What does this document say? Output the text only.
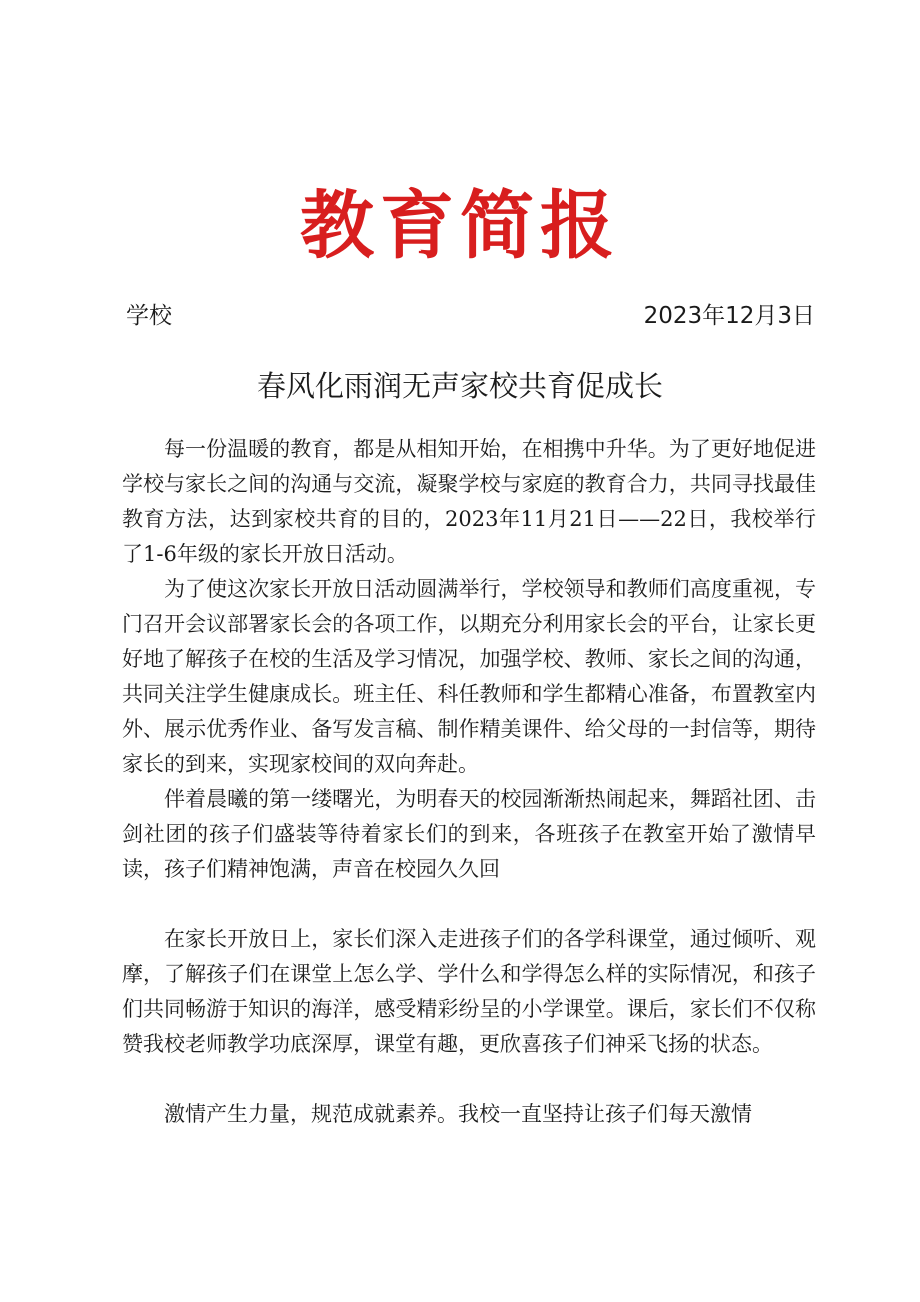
教育简报
学校	2023年12月3日
春风化雨润无声家校共育促成长

每一份温暖的教育，都是从相知开始，在相携中升华。为了更好地促进学校与家长之间的沟通与交流，凝聚学校与家庭的教育合力，共同寻找最佳教育方法，达到家校共育的目的，2023年11月21日——22日，我校举行了1-6年级的家长开放日活动。

为了使这次家长开放日活动圆满举行，学校领导和教师们高度重视，专门召开会议部署家长会的各项工作，以期充分利用家长会的平台，让家长更好地了解孩子在校的生活及学习情况，加强学校、教师、家长之间的沟通，共同关注学生健康成长。班主任、科任教师和学生都精心准备，布置教室内外、展示优秀作业、备写发言稿、制作精美课件、给父母的一封信等，期待家长的到来，实现家校间的双向奔赴。

伴着晨曦的第一缕曙光，为明春天的校园渐渐热闹起来，舞蹈社团、击剑社团的孩子们盛装等待着家长们的到来，各班孩子在教室开始了激情早读，孩子们精神饱满，声音在校园久久回

在家长开放日上，家长们深入走进孩子们的各学科课堂，通过倾听、观摩，了解孩子们在课堂上怎么学、学什么和学得怎么样的实际情况，和孩子们共同畅游于知识的海洋，感受精彩纷呈的小学课堂。课后，家长们不仅称赞我校老师教学功底深厚，课堂有趣，更欣喜孩子们神采飞扬的状态。

激情产生力量，规范成就素养。我校一直坚持让孩子们每天激情
